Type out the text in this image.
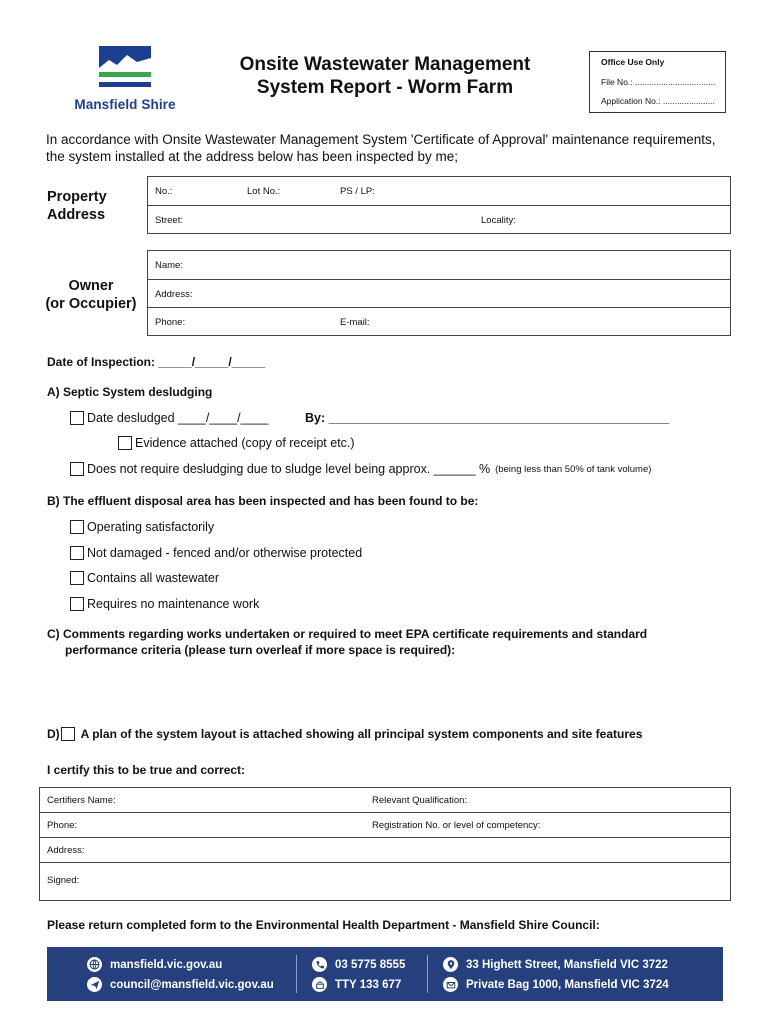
Mansfield Shire
Onsite Wastewater Management
System Report - Worm Farm
Office Use Only
File No.: ..................................
Application No.: ......................
In accordance with Onsite Wastewater Management System 'Certificate of Approval' maintenance requirements, the system installed at the address below has been inspected by me;
Property
Address
No.:	Lot No.:	PS / LP:
Street:	Locality:
Owner
(or Occupier)
Name:
Address:
Phone:	E-mail:
Date of Inspection: _____/_____/_____
A) Septic System desludging
Date desludged ____/____/____	By: _________________________________________________
Evidence attached (copy of receipt etc.)
Does not require desludging due to sludge level being approx. ______ % (being less than 50% of tank volume)
B) The effluent disposal area has been inspected and has been found to be:
Operating satisfactorily
Not damaged - fenced and/or otherwise protected
Contains all wastewater
Requires no maintenance work
C) Comments regarding works undertaken or required to meet EPA certificate requirements and standard
performance criteria (please turn overleaf if more space is required):
D) A plan of the system layout is attached showing all principal system components and site features
I certify this to be true and correct:
Certifiers Name:	Relevant Qualification:
Phone:	Registration No. or level of competency:
Address:
Signed:
Please return completed form to the Environmental Health Department - Mansfield Shire Council:
mansfield.vic.gov.au
council@mansfield.vic.gov.au
03 5775 8555
TTY 133 677
33 Highett Street, Mansfield VIC 3722
Private Bag 1000, Mansfield VIC 3724
